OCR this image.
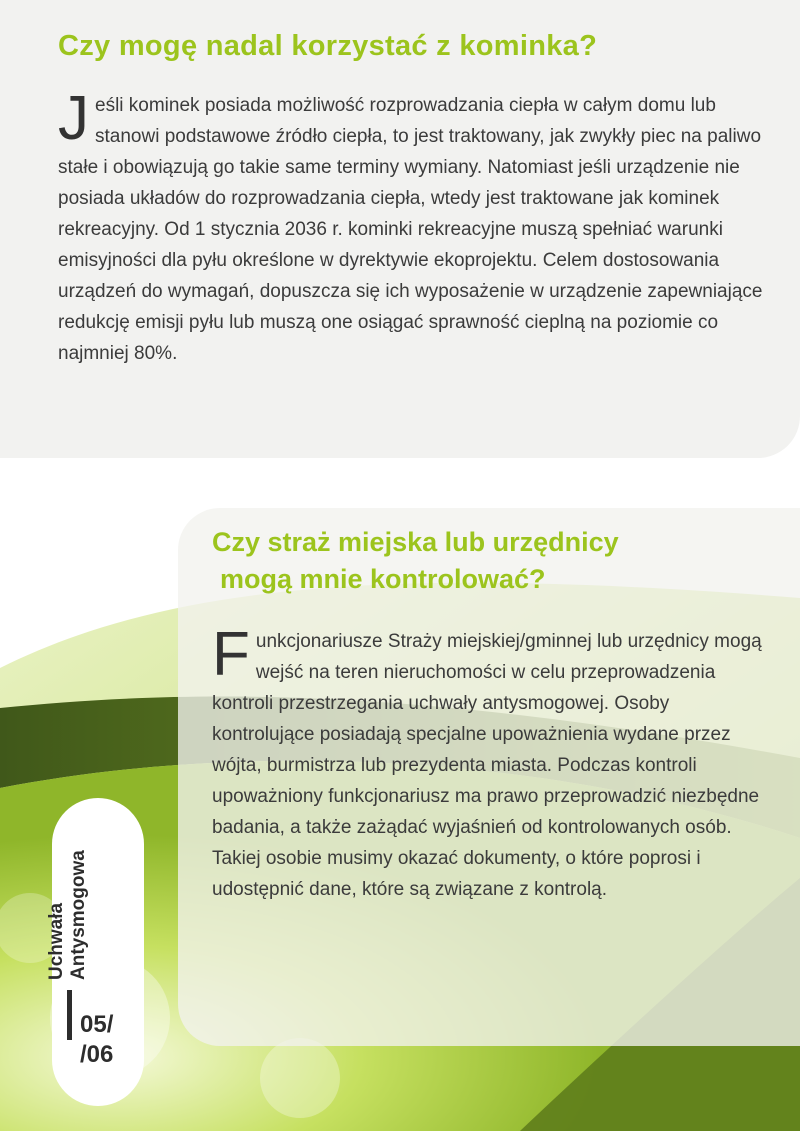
Czy mogę nadal korzystać z kominka?

Jeśli kominek posiada możliwość rozprowadzania ciepła w całym domu lub stanowi podstawowe źródło ciepła, to jest traktowany, jak zwykły piec na paliwo stałe i obowiązują go takie same terminy wymiany. Natomiast jeśli urządzenie nie posiada układów do rozprowadzania ciepła, wtedy jest traktowane jak kominek rekreacyjny. Od 1 stycznia 2036 r. kominki rekreacyjne muszą spełniać warunki emisyjności dla pyłu określone w dyrektywie ekoprojektu. Celem dostosowania urządzeń do wymagań, dopuszcza się ich wyposażenie w urządzenie zapewniające redukcję emisji pyłu lub muszą one osiągać sprawność cieplną na poziomie co najmniej 80%.

Czy straż miejska lub urzędnicy
mogą mnie kontrolować?

Funkcjonariusze Straży miejskiej/gminnej lub urzędnicy mogą wejść na teren nieruchomości w celu przeprowadzenia kontroli przestrzegania uchwały antysmogowej. Osoby kontrolujące posiadają specjalne upoważnienia wydane przez wójta, burmistrza lub prezydenta miasta. Podczas kontroli upoważniony funkcjonariusz ma prawo przeprowadzić niezbędne badania, a także zażądać wyjaśnień od kontrolowanych osób. Takiej osobie musimy okazać dokumenty, o które poprosi i udostępnić dane, które są związane z kontrolą.

Uchwała Antysmogowa
05/
/06
